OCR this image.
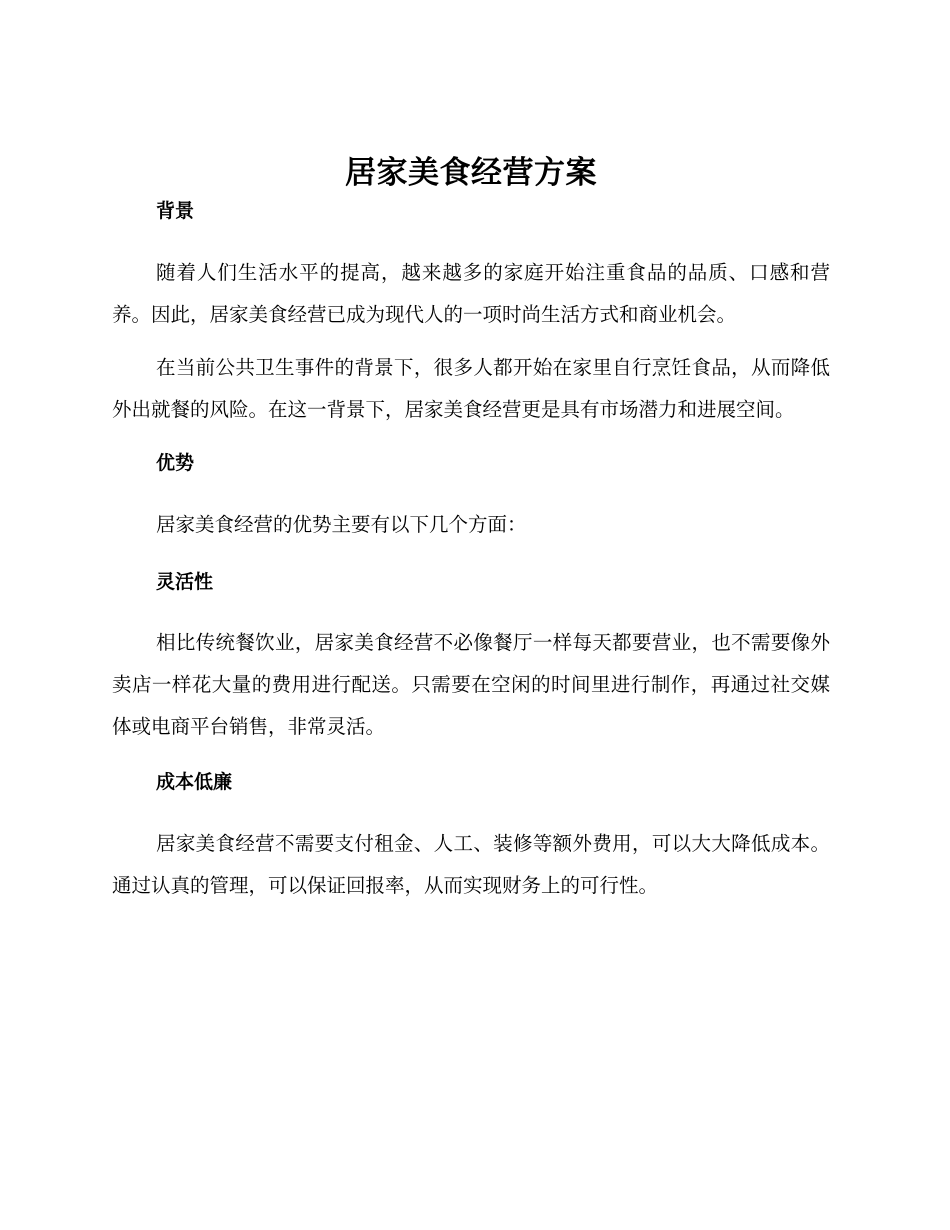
居家美食经营方案
背景

随着人们生活水平的提高，越来越多的家庭开始注重食品的品质、口感和营养。因此，居家美食经营已成为现代人的一项时尚生活方式和商业机会。

在当前公共卫生事件的背景下，很多人都开始在家里自行烹饪食品，从而降低外出就餐的风险。在这一背景下，居家美食经营更是具有市场潜力和进展空间。

优势

居家美食经营的优势主要有以下几个方面：

灵活性

相比传统餐饮业，居家美食经营不必像餐厅一样每天都要营业，也不需要像外卖店一样花大量的费用进行配送。只需要在空闲的时间里进行制作，再通过社交媒体或电商平台销售，非常灵活。

成本低廉

居家美食经营不需要支付租金、人工、装修等额外费用，可以大大降低成本。通过认真的管理，可以保证回报率，从而实现财务上的可行性。
